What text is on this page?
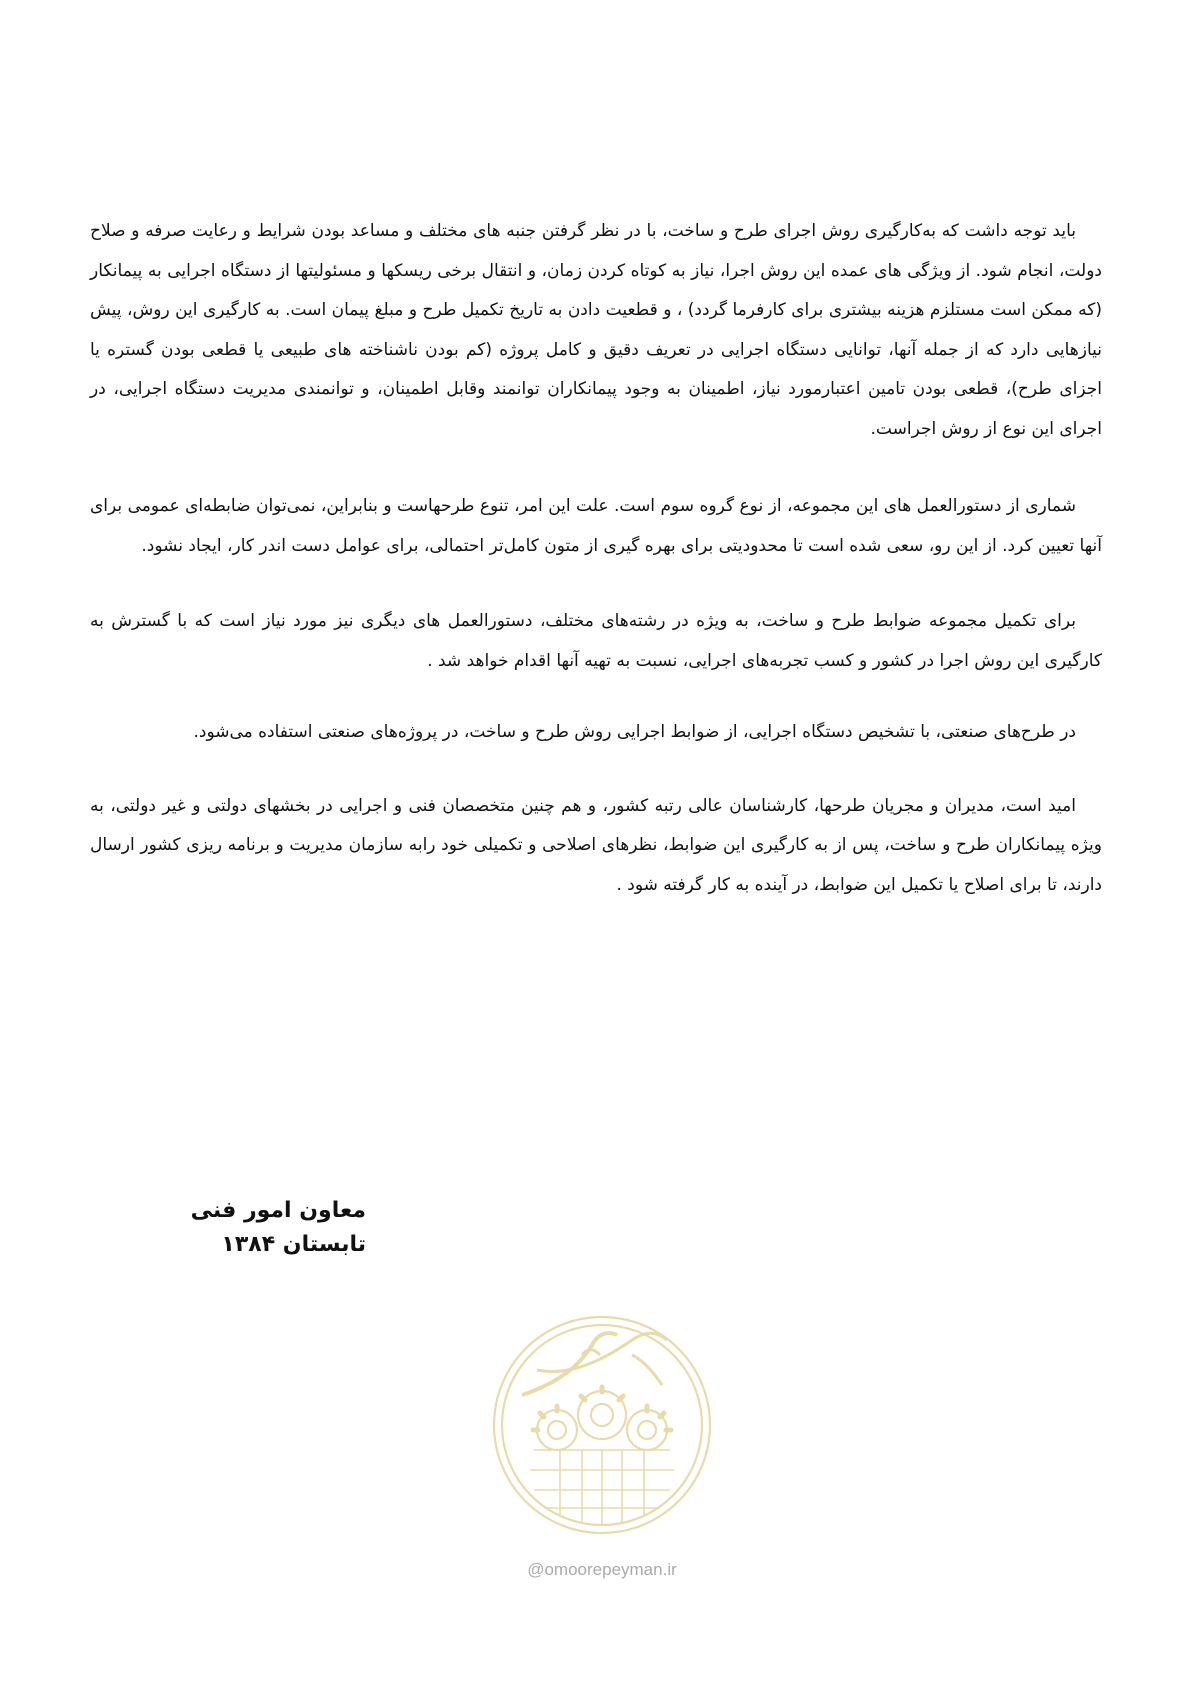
باید توجه داشت که به‌کارگیری روش اجرای طرح و ساخت، با در نظر گرفتن جنبه های مختلف و مساعد بودن شرایط و رعایت صرفه و صلاح دولت، انجام شود. از ویژگی های عمده این روش اجرا، نیاز به کوتاه کردن زمان، و انتقال برخی ریسکها و مسئولیتها از دستگاه اجرایی به پیمانکار (که ممکن است مستلزم هزینه بیشتری برای کارفرما گردد) ، و قطعیت دادن به تاریخ تکمیل طرح و مبلغ پیمان است. به کارگیری این روش، پیش نیازهایی دارد که از جمله آنها، توانایی دستگاه اجرایی در تعریف دقیق و کامل پروژه (کم بودن ناشناخته های طبیعی یا قطعی بودن گستره یا اجزای طرح)، قطعی بودن تامین اعتبارمورد نیاز، اطمینان به وجود پیمانکاران توانمند وقابل اطمینان، و توانمندی مدیریت دستگاه اجرایی، در اجرای این نوع از روش اجراست.

شماری از دستورالعمل های این مجموعه، از نوع گروه سوم است. علت این امر، تنوع طرحهاست و بنابراین، نمی‌توان ضابطه‌ای عمومی برای آنها تعیین کرد. از این رو، سعی شده است تا محدودیتی برای بهره گیری از متون کامل‌تر احتمالی، برای عوامل دست اندر کار، ایجاد نشود.

برای تکمیل مجموعه ضوابط طرح و ساخت، به ویژه در رشته‌های مختلف، دستورالعمل های دیگری نیز مورد نیاز است که با گسترش به کارگیری این روش اجرا در کشور و کسب تجربه‌های اجرایی، نسبت به تهیه آنها اقدام خواهد شد .

در طرح‌های صنعتی، با تشخیص دستگاه اجرایی، از ضوابط اجرایی روش طرح و ساخت، در پروژه‌های صنعتی استفاده می‌شود.

امید است، مدیران و مجریان طرحها، کارشناسان عالی رتبه کشور، و هم چنین متخصصان فنی و اجرایی در بخشهای دولتی و غیر دولتی، به ویژه پیمانکاران طرح و ساخت، پس از به کارگیری این ضوابط، نظرهای اصلاحی و تکمیلی خود رابه سازمان مدیریت و برنامه ریزی کشور ارسال دارند، تا برای اصلاح یا تکمیل این ضوابط، در آینده به کار گرفته شود .

معاون امور فنی
تابستان ۱۳۸۴
@omoorepeyman.ir
